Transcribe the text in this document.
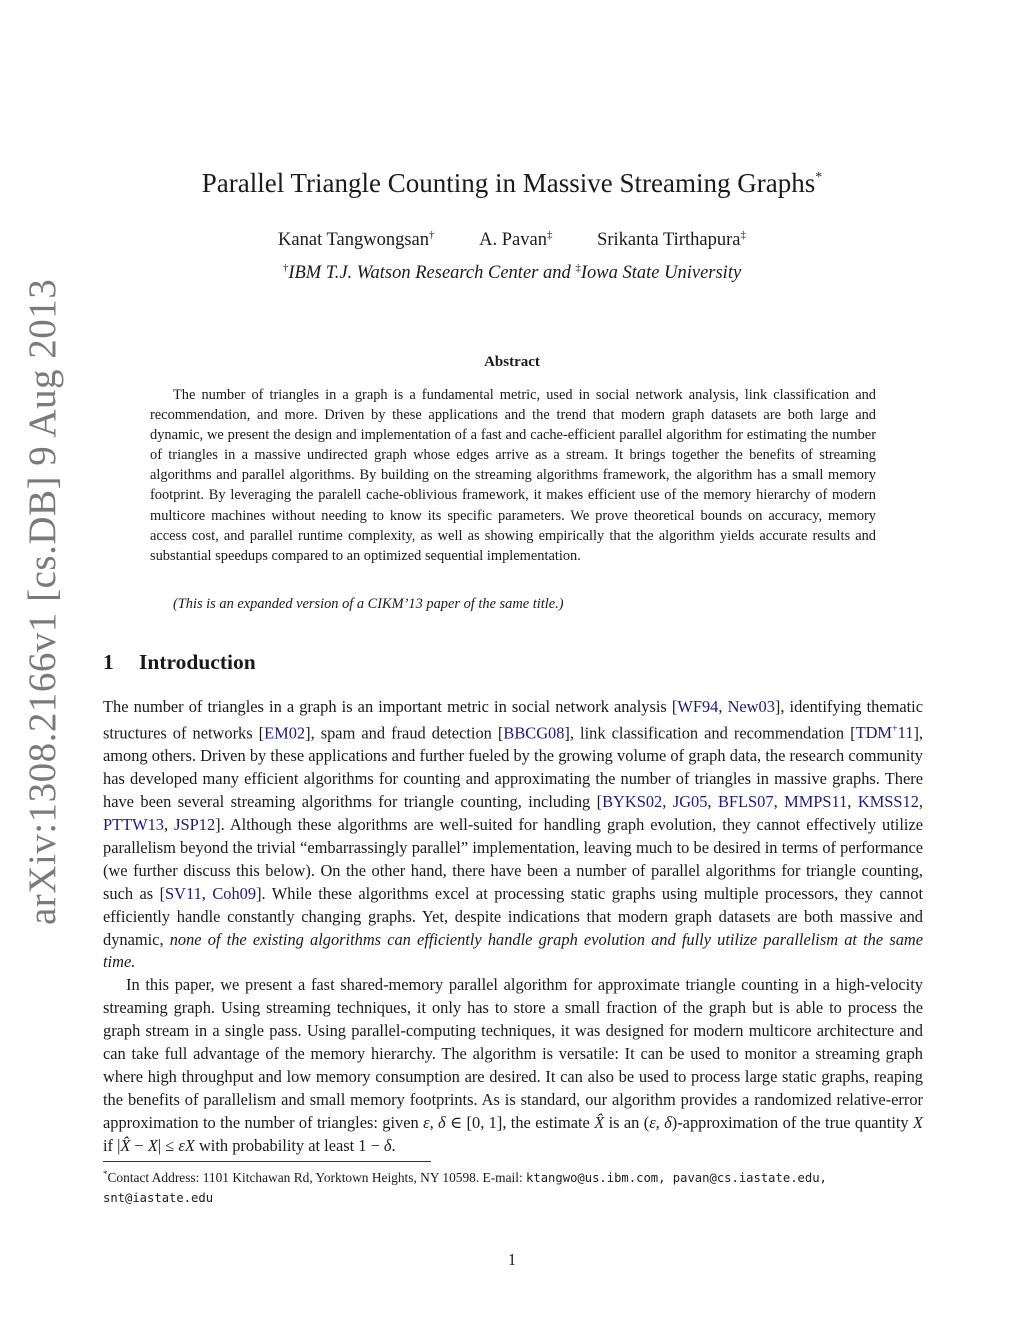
arXiv:1308.2166v1 [cs.DB] 9 Aug 2013
Parallel Triangle Counting in Massive Streaming Graphs*
Kanat Tangwongsan† A. Pavan‡ Srikanta Tirthapura‡
†IBM T.J. Watson Research Center and ‡Iowa State University
Abstract
The number of triangles in a graph is a fundamental metric, used in social network analysis, link classification and recommendation, and more. Driven by these applications and the trend that modern graph datasets are both large and dynamic, we present the design and implementation of a fast and cache-efficient parallel algorithm for estimating the number of triangles in a massive undirected graph whose edges arrive as a stream. It brings together the benefits of streaming algorithms and parallel algorithms. By building on the streaming algorithms framework, the algorithm has a small memory footprint. By leveraging the paralell cache-oblivious framework, it makes efficient use of the memory hierarchy of modern multicore machines without needing to know its specific parameters. We prove theoretical bounds on accuracy, memory access cost, and parallel runtime complexity, as well as showing empirically that the algorithm yields accurate results and substantial speedups compared to an optimized sequential implementation.
(This is an expanded version of a CIKM’13 paper of the same title.)
1 Introduction

The number of triangles in a graph is an important metric in social network analysis [WF94, New03], identifying thematic structures of networks [EM02], spam and fraud detection [BBCG08], link classification and recommendation [TDM+11], among others. Driven by these applications and further fueled by the growing volume of graph data, the research community has developed many efficient algorithms for counting and approximating the number of triangles in massive graphs. There have been several streaming algorithms for triangle counting, including [BYKS02, JG05, BFLS07, MMPS11, KMSS12, PTTW13, JSP12]. Although these algorithms are well-suited for handling graph evolution, they cannot effectively utilize parallelism beyond the trivial “embarrassingly parallel” implementation, leaving much to be desired in terms of performance (we further discuss this below). On the other hand, there have been a number of parallel algorithms for triangle counting, such as [SV11, Coh09]. While these algorithms excel at processing static graphs using multiple processors, they cannot efficiently handle constantly changing graphs. Yet, despite indications that modern graph datasets are both massive and dynamic, none of the existing algorithms can efficiently handle graph evolution and fully utilize parallelism at the same time.

In this paper, we present a fast shared-memory parallel algorithm for approximate triangle counting in a high-velocity streaming graph. Using streaming techniques, it only has to store a small fraction of the graph but is able to process the graph stream in a single pass. Using parallel-computing techniques, it was designed for modern multicore architecture and can take full advantage of the memory hierarchy. The algorithm is versatile: It can be used to monitor a streaming graph where high throughput and low memory consumption are desired. It can also be used to process large static graphs, reaping the benefits of parallelism and small memory footprints. As is standard, our algorithm provides a randomized relative-error approximation to the number of triangles: given ε, δ ∈ [0, 1], the estimate X̂ is an (ε, δ)-approximation of the true quantity X if |X̂ − X| ≤ εX with probability at least 1 − δ.

*Contact Address: 1101 Kitchawan Rd, Yorktown Heights, NY 10598. E-mail: ktangwo@us.ibm.com, pavan@cs.iastate.edu, snt@iastate.edu
1
